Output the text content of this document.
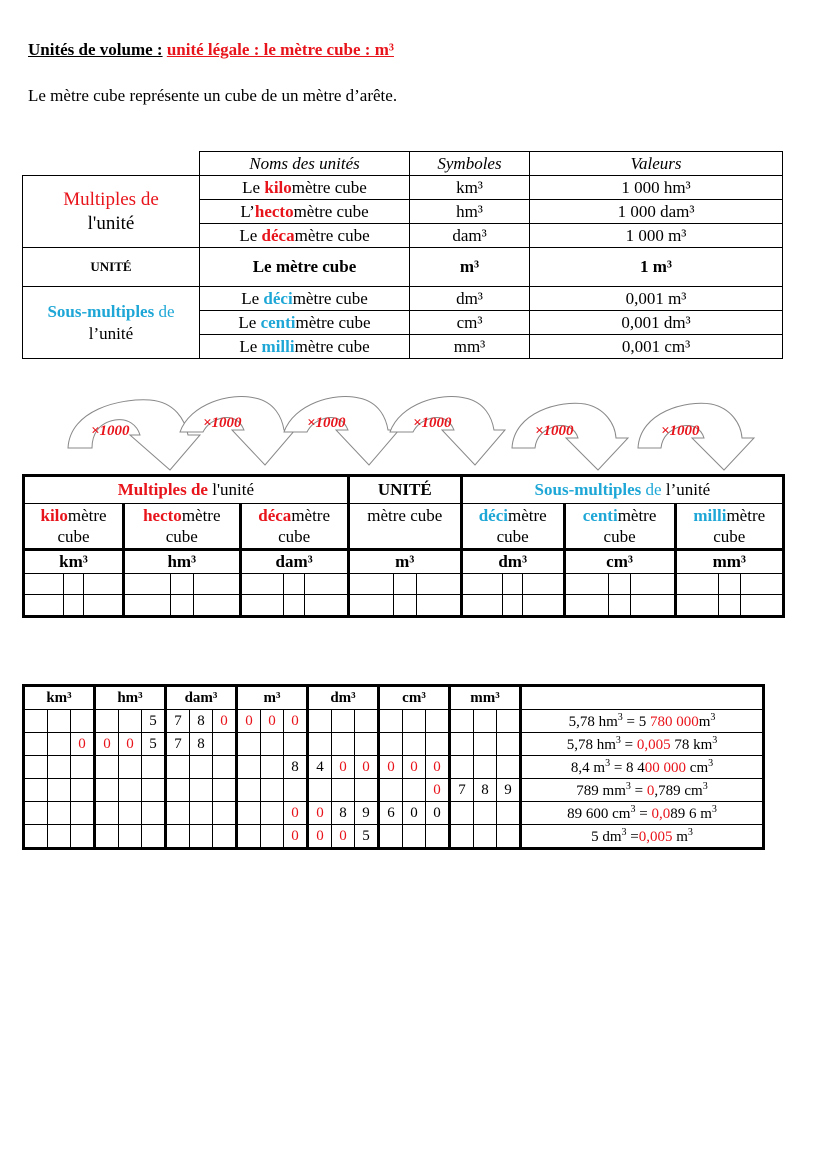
Unités de volume : unité légale : le mètre cube : m³
Le mètre cube représente un cube de un mètre d’arête.
	Noms des unités	Symboles	Valeurs
Multiples de
l'unité	Le kilomètre cube	km³	1 000 hm³
	L’hectomètre cube	hm³	1 000 dam³
	Le décamètre cube	dam³	1 000 m³
UNITÉ	Le mètre cube	m³	1 m³
Sous-multiples de
l’unité	Le décimètre cube	dm³	0,001 m³
	Le centimètre cube	cm³	0,001 dm³
	Le millimètre cube	mm³	0,001 cm³
×1000	×1000	×1000	×1000	×1000	×1000
Multiples de l'unité									UNITÉ			Sous-multiples de l’unité								
kilomètre
cube			hectomètre
cube			décamètre
cube			mètre cube			décimètre
cube			centimètre
cube			millimètre
cube		
km³			hm³			dam³			m³			dm³			cm³			mm³		

km³			hm³			dam³			m³			dm³			cm³			mm³			
					5	7	8	0	0	0	0										5,78 $hm^3 = 5$ 780 $000m^3$
		0	0	0	5	7	8														5,78 $hm^3 = 0,005$ 78 $km^3$
											8	4	0	0	0	0	0				8,4 $m^3 = 8$ 400 000 $cm^3$
																	0	7	8	9	789 $mm^3 = 0,789$ $cm^3$
											0	0	8	9	6	0	0				89 600 $cm^3 = 0,089$ 6 $m^3$
											0	0	0	5							5 $dm^3 =0,005$ $m^3$
